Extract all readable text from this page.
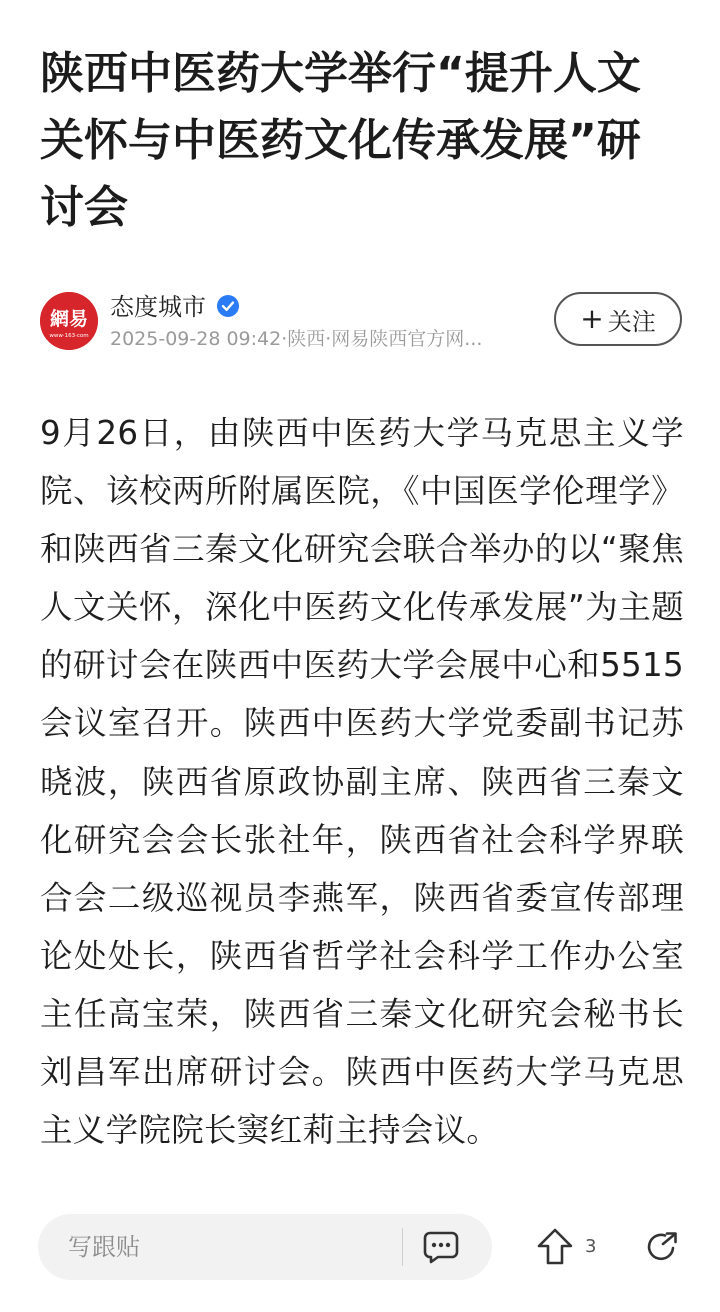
陕西中医药大学举行“提升人文关怀与中医药文化传承发展”研讨会
網易
www·163·com
态度城市
2025-09-28 09:42·陕西·网易陕西官方网...
+ 关注
9月26日，由陕西中医药大学马克思主义学院、该校两所附属医院，《中国医学伦理学》和陕西省三秦文化研究会联合举办的以“聚焦人文关怀，深化中医药文化传承发展”为主题的研讨会在陕西中医药大学会展中心和5515会议室召开。陕西中医药大学党委副书记苏晓波，陕西省原政协副主席、陕西省三秦文化研究会会长张社年，陕西省社会科学界联合会二级巡视员李燕军，陕西省委宣传部理论处处长，陕西省哲学社会科学工作办公室主任高宝荣，陕西省三秦文化研究会秘书长刘昌军出席研讨会。陕西中医药大学马克思主义学院院长窦红莉主持会议。
写跟贴	3
